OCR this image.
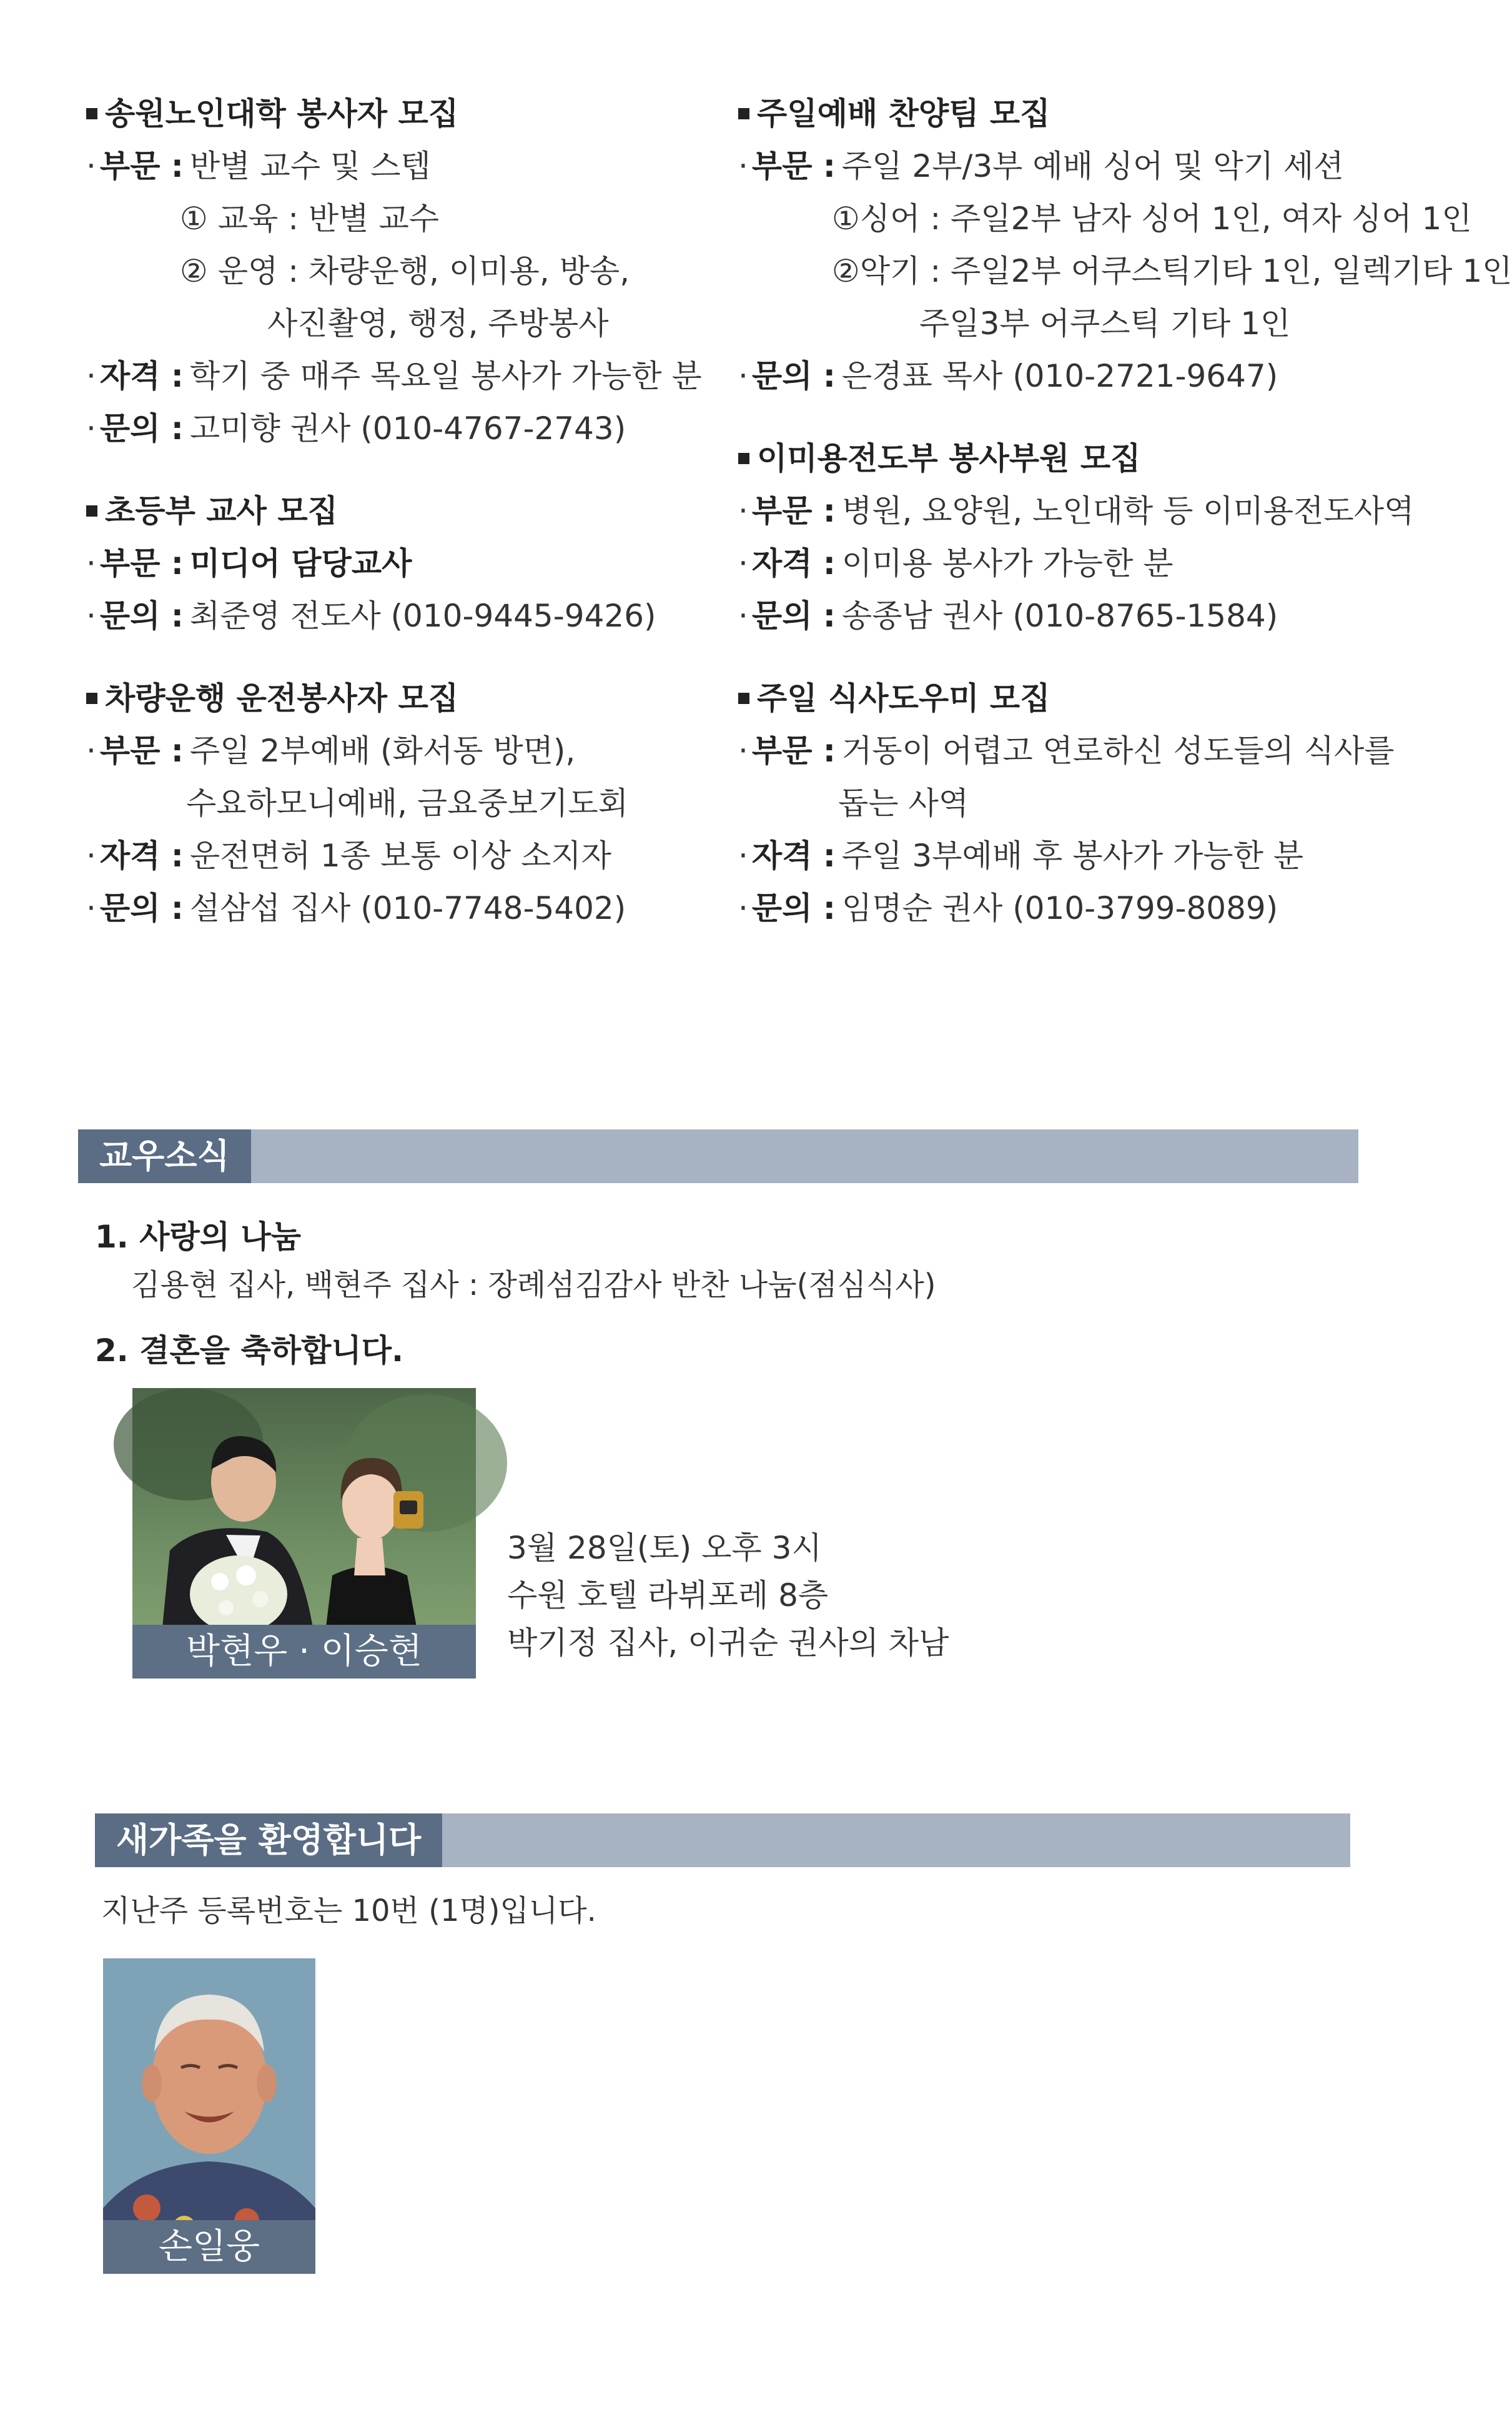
송원노인대학 봉사자 모집
· 부문 : 반별 교수 및 스텝
① 교육 : 반별 교수
② 운영 : 차량운행, 이미용, 방송,
사진촬영, 행정, 주방봉사
· 자격 : 학기 중 매주 목요일 봉사가 가능한 분
· 문의 : 고미향 권사 (010-4767-2743)
초등부 교사 모집
· 부문 : 미디어 담당교사
· 문의 : 최준영 전도사 (010-9445-9426)
차량운행 운전봉사자 모집
· 부문 : 주일 2부예배 (화서동 방면),
수요하모니예배, 금요중보기도회
· 자격 : 운전면허 1종 보통 이상 소지자
· 문의 : 설삼섭 집사 (010-7748-5402)
주일예배 찬양팀 모집
· 부문 : 주일 2부/3부 예배 싱어 및 악기 세션
①싱어 : 주일2부 남자 싱어 1인, 여자 싱어 1인
②악기 : 주일2부 어쿠스틱기타 1인, 일렉기타 1인
주일3부 어쿠스틱 기타 1인
· 문의 : 은경표 목사 (010-2721-9647)
이미용전도부 봉사부원 모집
· 부문 : 병원, 요양원, 노인대학 등 이미용전도사역
· 자격 : 이미용 봉사가 가능한 분
· 문의 : 송종남 권사 (010-8765-1584)
주일 식사도우미 모집
· 부문 : 거동이 어렵고 연로하신 성도들의 식사를
돕는 사역
· 자격 : 주일 3부예배 후 봉사가 가능한 분
· 문의 : 임명순 권사 (010-3799-8089)
교우소식
1. 사랑의 나눔
김용현 집사, 백현주 집사 : 장례섬김감사 반찬 나눔(점심식사)
2. 결혼을 축하합니다.
박현우 · 이승현
3월 28일(토) 오후 3시
수원 호텔 라뷔포레 8층
박기정 집사, 이귀순 권사의 차남
새가족을 환영합니다
지난주 등록번호는 10번 (1명)입니다.
손일웅
